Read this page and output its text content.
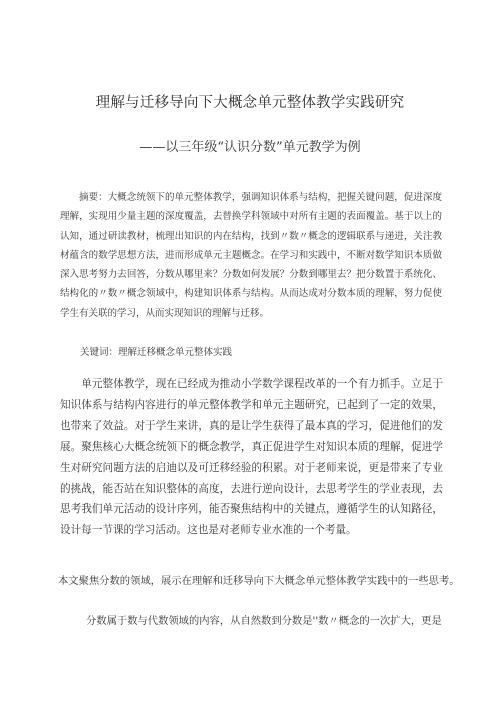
理解与迁移导向下大概念单元整体教学实践研究
——以三年级“认识分数”单元教学为例

摘要：大概念统领下的单元整体教学，强调知识体系与结构，把握关键问题，促进深度理解，实现用少量主题的深度覆盖，去替换学科领域中对所有主题的表面覆盖。基于以上的认知，通过研读教材，梳理出知识的内在结构，找到〃数〃概念的逻辑联系与递进，关注教材蕴含的数学思想方法，进而形成单元主题概念。在学习和实践中，不断对数学知识本质做深入思考努力去回答，分数从哪里来？分数如何发展？分数到哪里去？把分数置于系统化、结构化的〃数〃概念领域中，构建知识体系与结构。从而达成对分数本质的理解，努力促使学生有关联的学习，从而实现知识的理解与迁移。

关键词：理解迁移概念单元整体实践

单元整体教学，现在已经成为推动小学数学课程改革的一个有力抓手。立足于知识体系与结构内容进行的单元整体教学和单元主题研究，已起到了一定的效果，也带来了效益。对于学生来讲，真的是让学生获得了最本真的学习，促进他们的发展。聚焦核心大概念统领下的概念教学，真正促进学生对知识本质的理解，促进学生对研究问题方法的启迪以及可迁移经验的积累。对于老师来说，更是带来了专业的挑战，能否站在知识整体的高度，去进行逆向设计，去思考学生的学业表现，去思考我们单元活动的设计序列，能否聚焦结构中的关键点，遵循学生的认知路径，设计每一节课的学习活动。这也是对老师专业水准的一个考量。

本文聚焦分数的领域，展示在理解和迁移导向下大概念单元整体教学实践中的一些思考。

分数属于数与代数领域的内容，从自然数到分数是''数〃概念的一次扩大，更是
